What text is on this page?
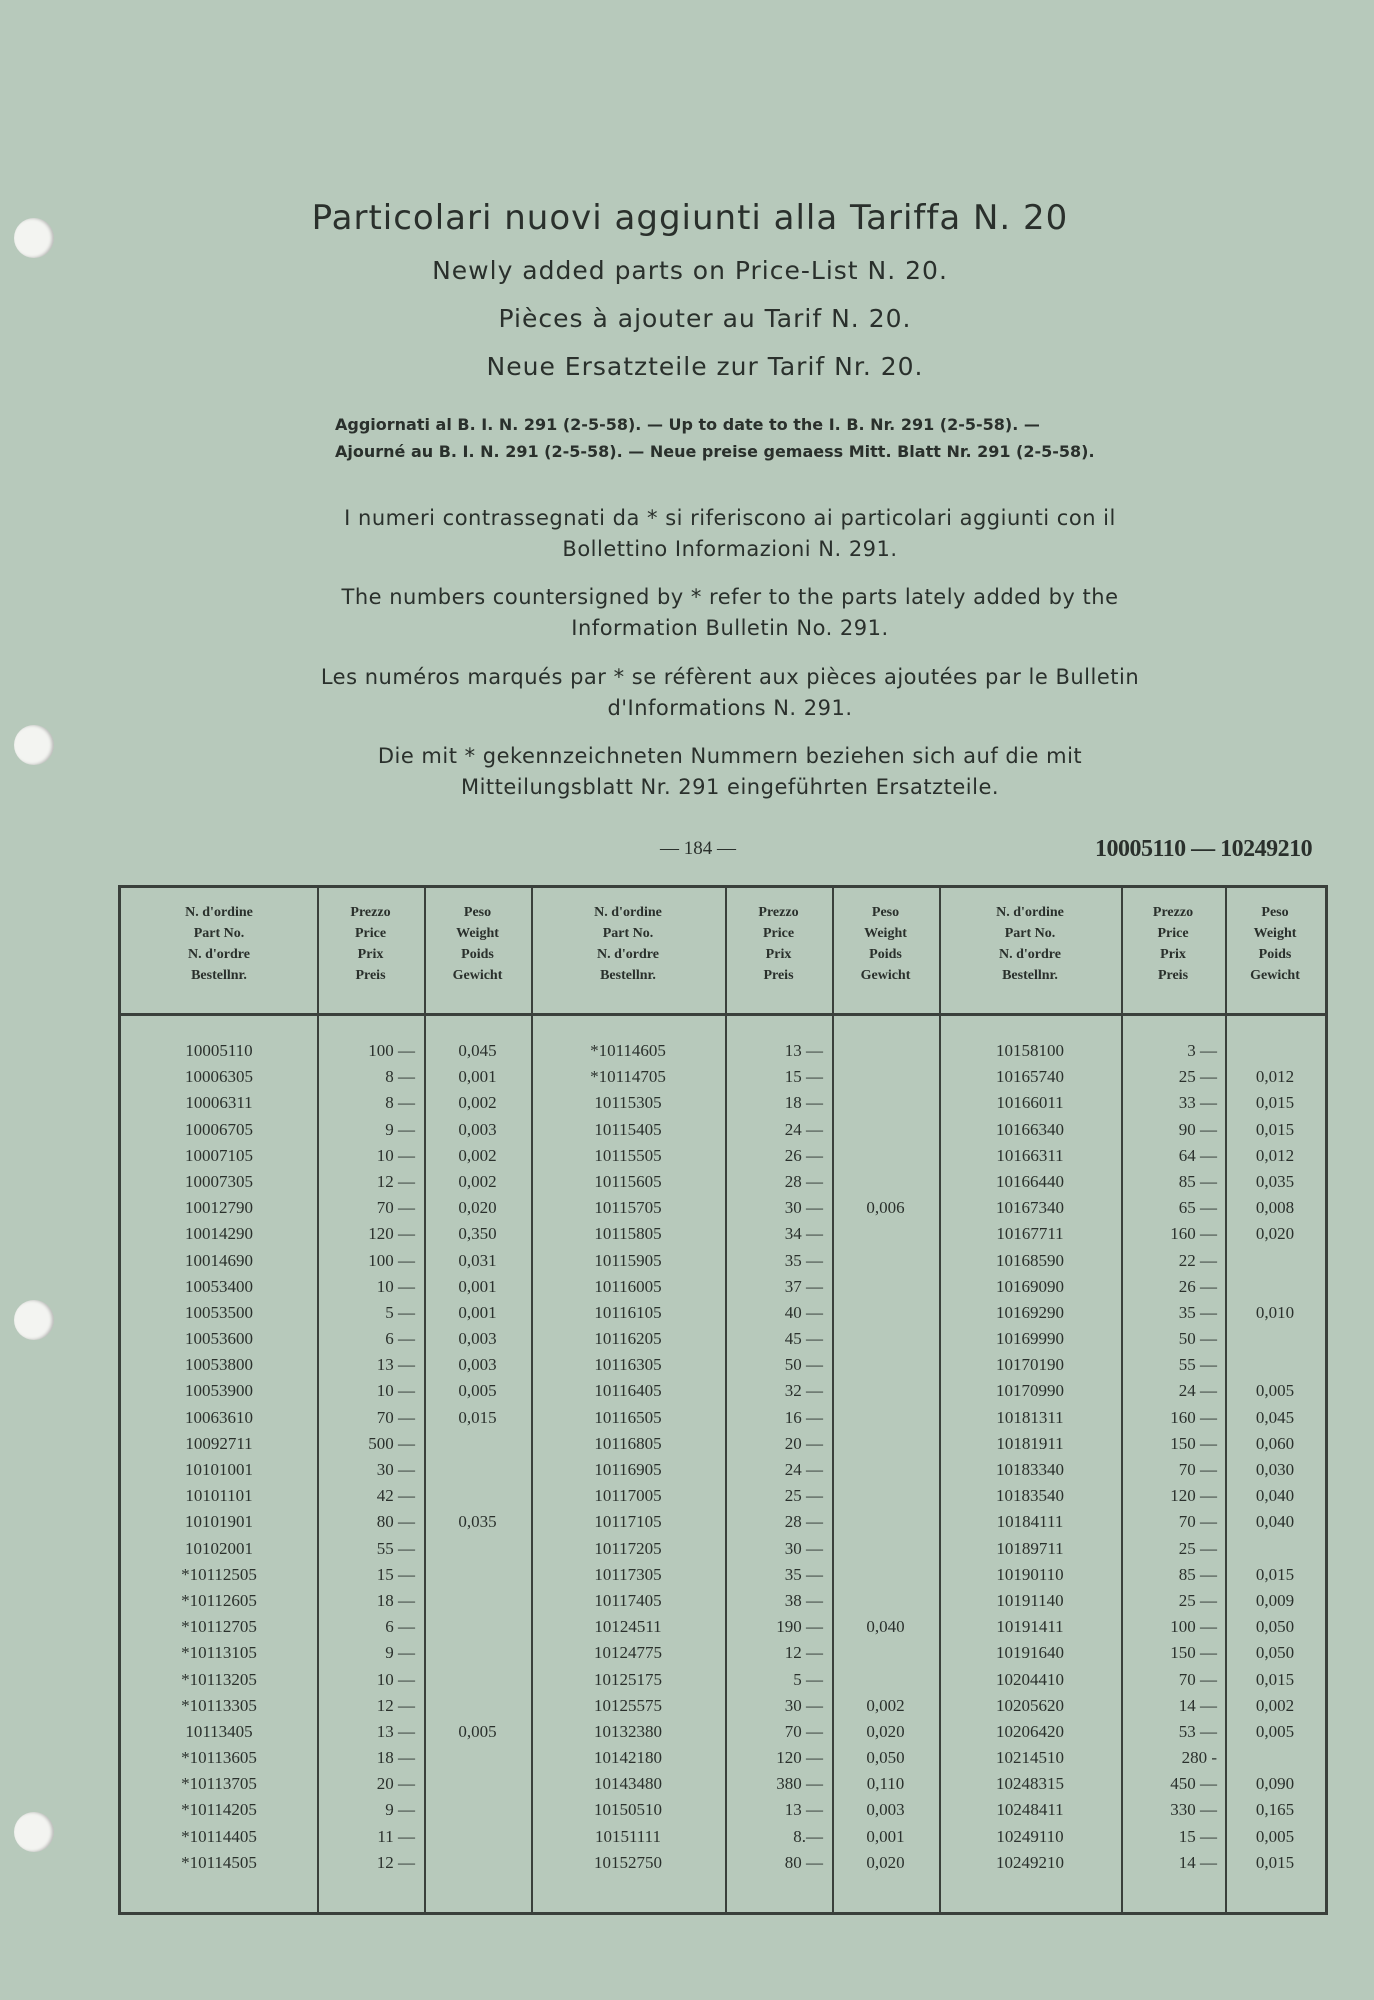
Particolari nuovi aggiunti alla Tariffa N. 20
Newly added parts on Price-List N. 20.
Pièces à ajouter au Tarif N. 20.
Neue Ersatzteile zur Tarif Nr. 20.
Aggiornati al B. I. N. 291 (2-5-58). — Up to date to the I. B. Nr. 291 (2-5-58). —
Ajourné au B. I. N. 291 (2-5-58). — Neue preise gemaess Mitt. Blatt Nr. 291 (2-5-58).
I numeri contrassegnati da * si riferiscono ai particolari aggiunti con il Bollettino Informazioni N. 291.
The numbers countersigned by * refer to the parts lately added by the Information Bulletin No. 291.
Les numéros marqués par * se réfèrent aux pièces ajoutées par le Bulletin d'Informations N. 291.
Die mit * gekennzeichneten Nummern beziehen sich auf die mit Mitteilungsblatt Nr. 291 eingeführten Ersatzteile.
— 184 —	10005110 — 10249210
N. d'ordine
Part No.
N. d'ordre
Bestellnr.
Prezzo
Price
Prix
Preis
Peso
Weight
Poids
Gewicht
N. d'ordine
Part No.
N. d'ordre
Bestellnr.
Prezzo
Price
Prix
Preis
Peso
Weight
Poids
Gewicht
N. d'ordine
Part No.
N. d'ordre
Bestellnr.
Prezzo
Price
Prix
Preis
Peso
Weight
Poids
Gewicht
10005110
10006305
10006311
10006705
10007105
10007305
10012790
10014290
10014690
10053400
10053500
10053600
10053800
10053900
10063610
10092711
10101001
10101101
10101901
10102001
*10112505
*10112605
*10112705
*10113105
*10113205
*10113305
10113405
*10113605
*10113705
*10114205
*10114405
*10114505
100 —
8 —
8 —
9 —
10 —
12 —
70 —
120 —
100 —
10 —
5 —
6 —
13 —
10 —
70 —
500 —
30 —
42 —
80 —
55 —
15 —
18 —
6 —
9 —
10 —
12 —
13 —
18 —
20 —
9 —
11 —
12 —
0,045
0,001
0,002
0,003
0,002
0,002
0,020
0,350
0,031
0,001
0,001
0,003
0,003
0,005
0,015
0,035
0,005
*10114605
*10114705
10115305
10115405
10115505
10115605
10115705
10115805
10115905
10116005
10116105
10116205
10116305
10116405
10116505
10116805
10116905
10117005
10117105
10117205
10117305
10117405
10124511
10124775
10125175
10125575
10132380
10142180
10143480
10150510
10151111
10152750
13 —
15 —
18 —
24 —
26 —
28 —
30 —
34 —
35 —
37 —
40 —
45 —
50 —
32 —
16 —
20 —
24 —
25 —
28 —
30 —
35 —
38 —
190 —
12 —
5 —
30 —
70 —
120 —
380 —
13 —
8.—
80 —
0,006
0,040
0,002
0,020
0,050
0,110
0,003
0,001
0,020
10158100
10165740
10166011
10166340
10166311
10166440
10167340
10167711
10168590
10169090
10169290
10169990
10170190
10170990
10181311
10181911
10183340
10183540
10184111
10189711
10190110
10191140
10191411
10191640
10204410
10205620
10206420
10214510
10248315
10248411
10249110
10249210
3 —
25 —
33 —
90 —
64 —
85 —
65 —
160 —
22 —
26 —
35 —
50 —
55 —
24 —
160 —
150 —
70 —
120 —
70 —
25 —
85 —
25 —
100 —
150 —
70 —
14 —
53 —
280 -
450 —
330 —
15 —
14 —
0,012
0,015
0,015
0,012
0,035
0,008
0,020
0,010
0,005
0,045
0,060
0,030
0,040
0,040
0,015
0,009
0,050
0,050
0,015
0,002
0,005
0,090
0,165
0,005
0,015
